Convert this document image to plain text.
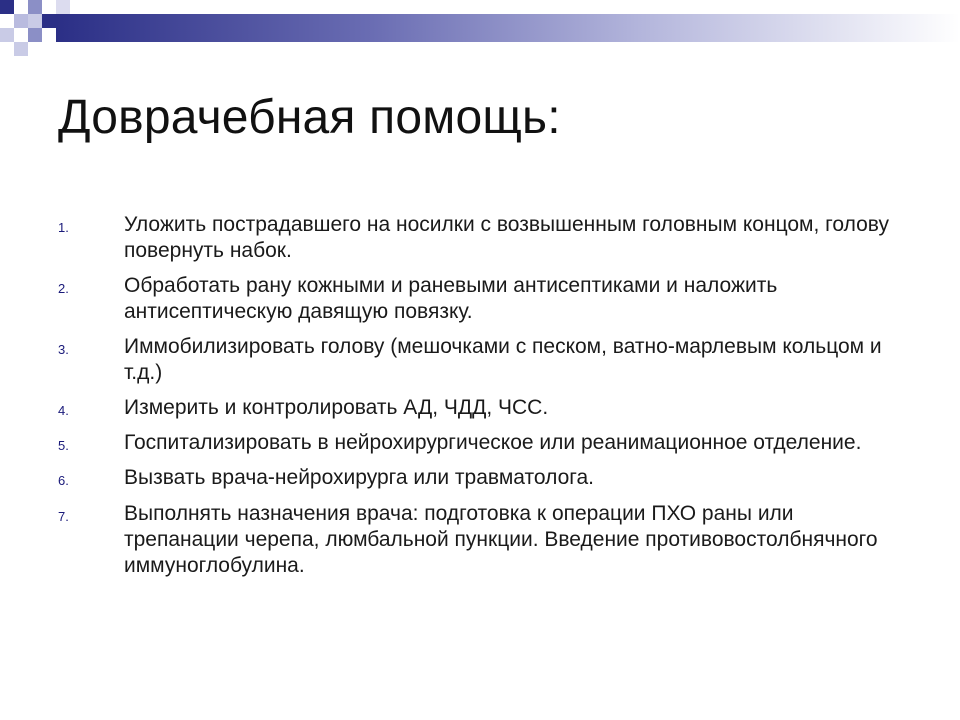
Доврачебная помощь:
1.	Уложить пострадавшего на носилки с возвышенным головным концом, голову повернуть набок.
2.	Обработать рану кожными и раневыми антисептиками и наложить антисептическую давящую повязку.
3.	Иммобилизировать голову (мешочками с песком, ватно-марлевым кольцом и т.д.)
4.	Измерить и контролировать АД, ЧДД, ЧСС.
5.	Госпитализировать в нейрохирургическое или реанимационное отделение.
6.	Вызвать врача-нейрохирурга или травматолога.
7.	Выполнять назначения врача: подготовка к операции ПХО раны или трепанации черепа, люмбальной пункции. Введение противовостолбнячного иммуноглобулина.
